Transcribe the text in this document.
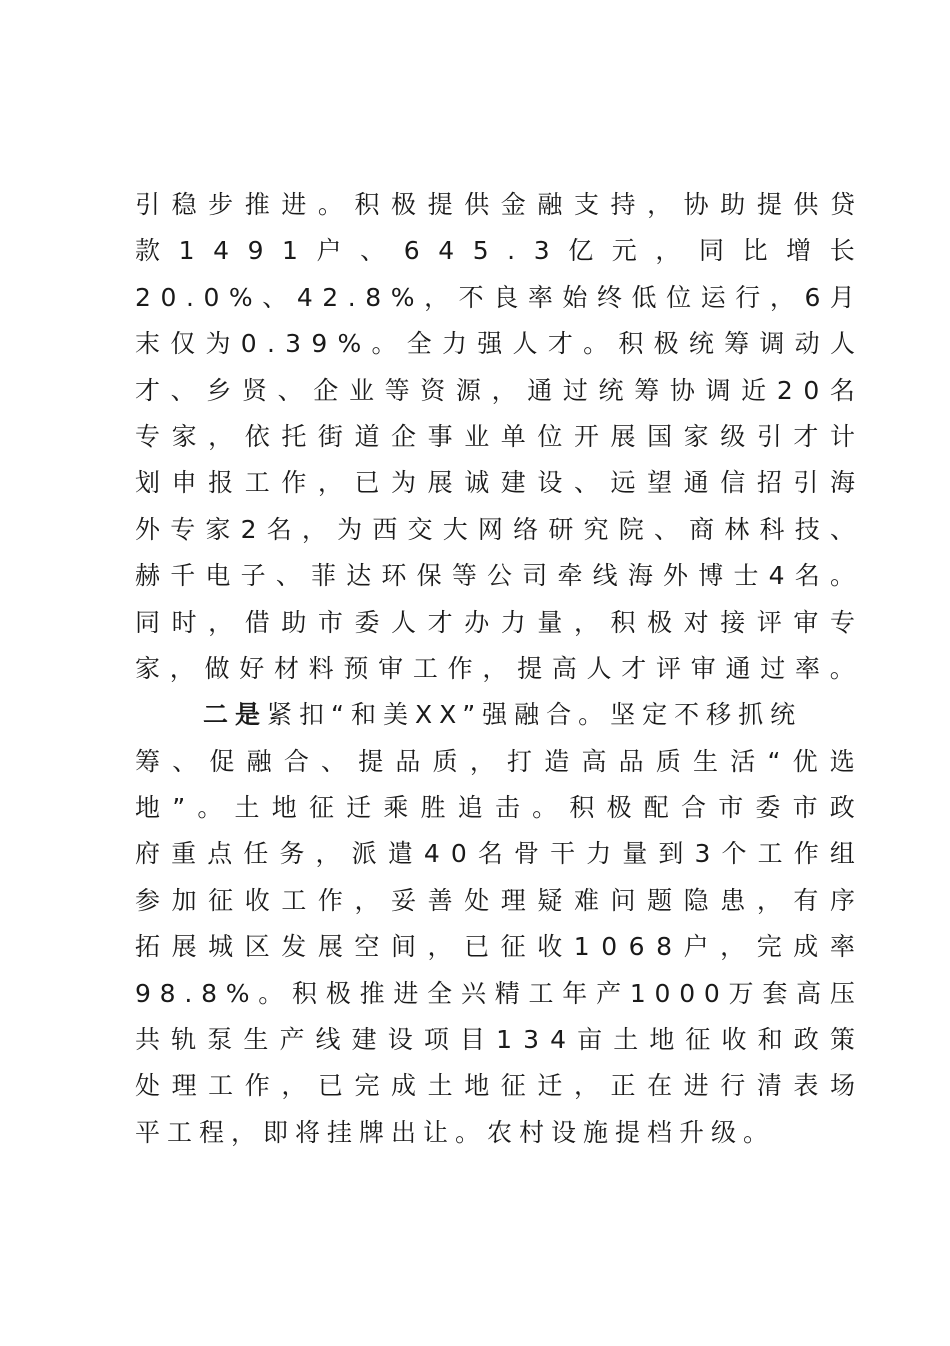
引 稳 步 推 进 。 积 极 提 供 金 融 支 持 ， 协 助 提 供 贷
款 1 4 9 1 户 、 6 4 5 . 3 亿 元 ， 同 比 增 长
2 0 . 0 % 、 4 2 . 8 % ， 不 良 率 始 终 低 位 运 行 ， 6 月
末 仅 为 0 . 3 9 % 。 全 力 强 人 才 。 积 极 统 筹 调 动 人
才 、 乡 贤 、 企 业 等 资 源 ， 通 过 统 筹 协 调 近 2 0 名
专 家 ， 依 托 街 道 企 事 业 单 位 开 展 国 家 级 引 才 计
划 申 报 工 作 ， 已 为 展 诚 建 设 、 远 望 通 信 招 引 海
外 专 家 2 名 ， 为 西 交 大 网 络 研 究 院 、 商 林 科 技 、
赫 千 电 子 、 菲 达 环 保 等 公 司 牵 线 海 外 博 士 4 名 。
同 时 ， 借 助 市 委 人 才 办 力 量 ， 积 极 对 接 评 审 专
家 ， 做 好 材 料 预 审 工 作 ， 提 高 人 才 评 审 通 过 率 。
二是 紧扣“和美XX”强融合。坚定不移抓统
筹 、 促 融 合 、 提 品 质 ， 打 造 高 品 质 生 活 “ 优 选
地 ” 。 土 地 征 迁 乘 胜 追 击 。 积 极 配 合 市 委 市 政
府 重 点 任 务 ， 派 遣 4 0 名 骨 干 力 量 到 3 个 工 作 组
参 加 征 收 工 作 ， 妥 善 处 理 疑 难 问 题 隐 患 ， 有 序
拓 展 城 区 发 展 空 间 ， 已 征 收 1 0 6 8 户 ， 完 成 率
9 8 . 8 % 。 积 极 推 进 全 兴 精 工 年 产 1 0 0 0 万 套 高 压
共 轨 泵 生 产 线 建 设 项 目 1 3 4 亩 土 地 征 收 和 政 策
处 理 工 作 ， 已 完 成 土 地 征 迁 ， 正 在 进 行 清 表 场
平工程，即将挂牌出让。农村设施提档升级。
